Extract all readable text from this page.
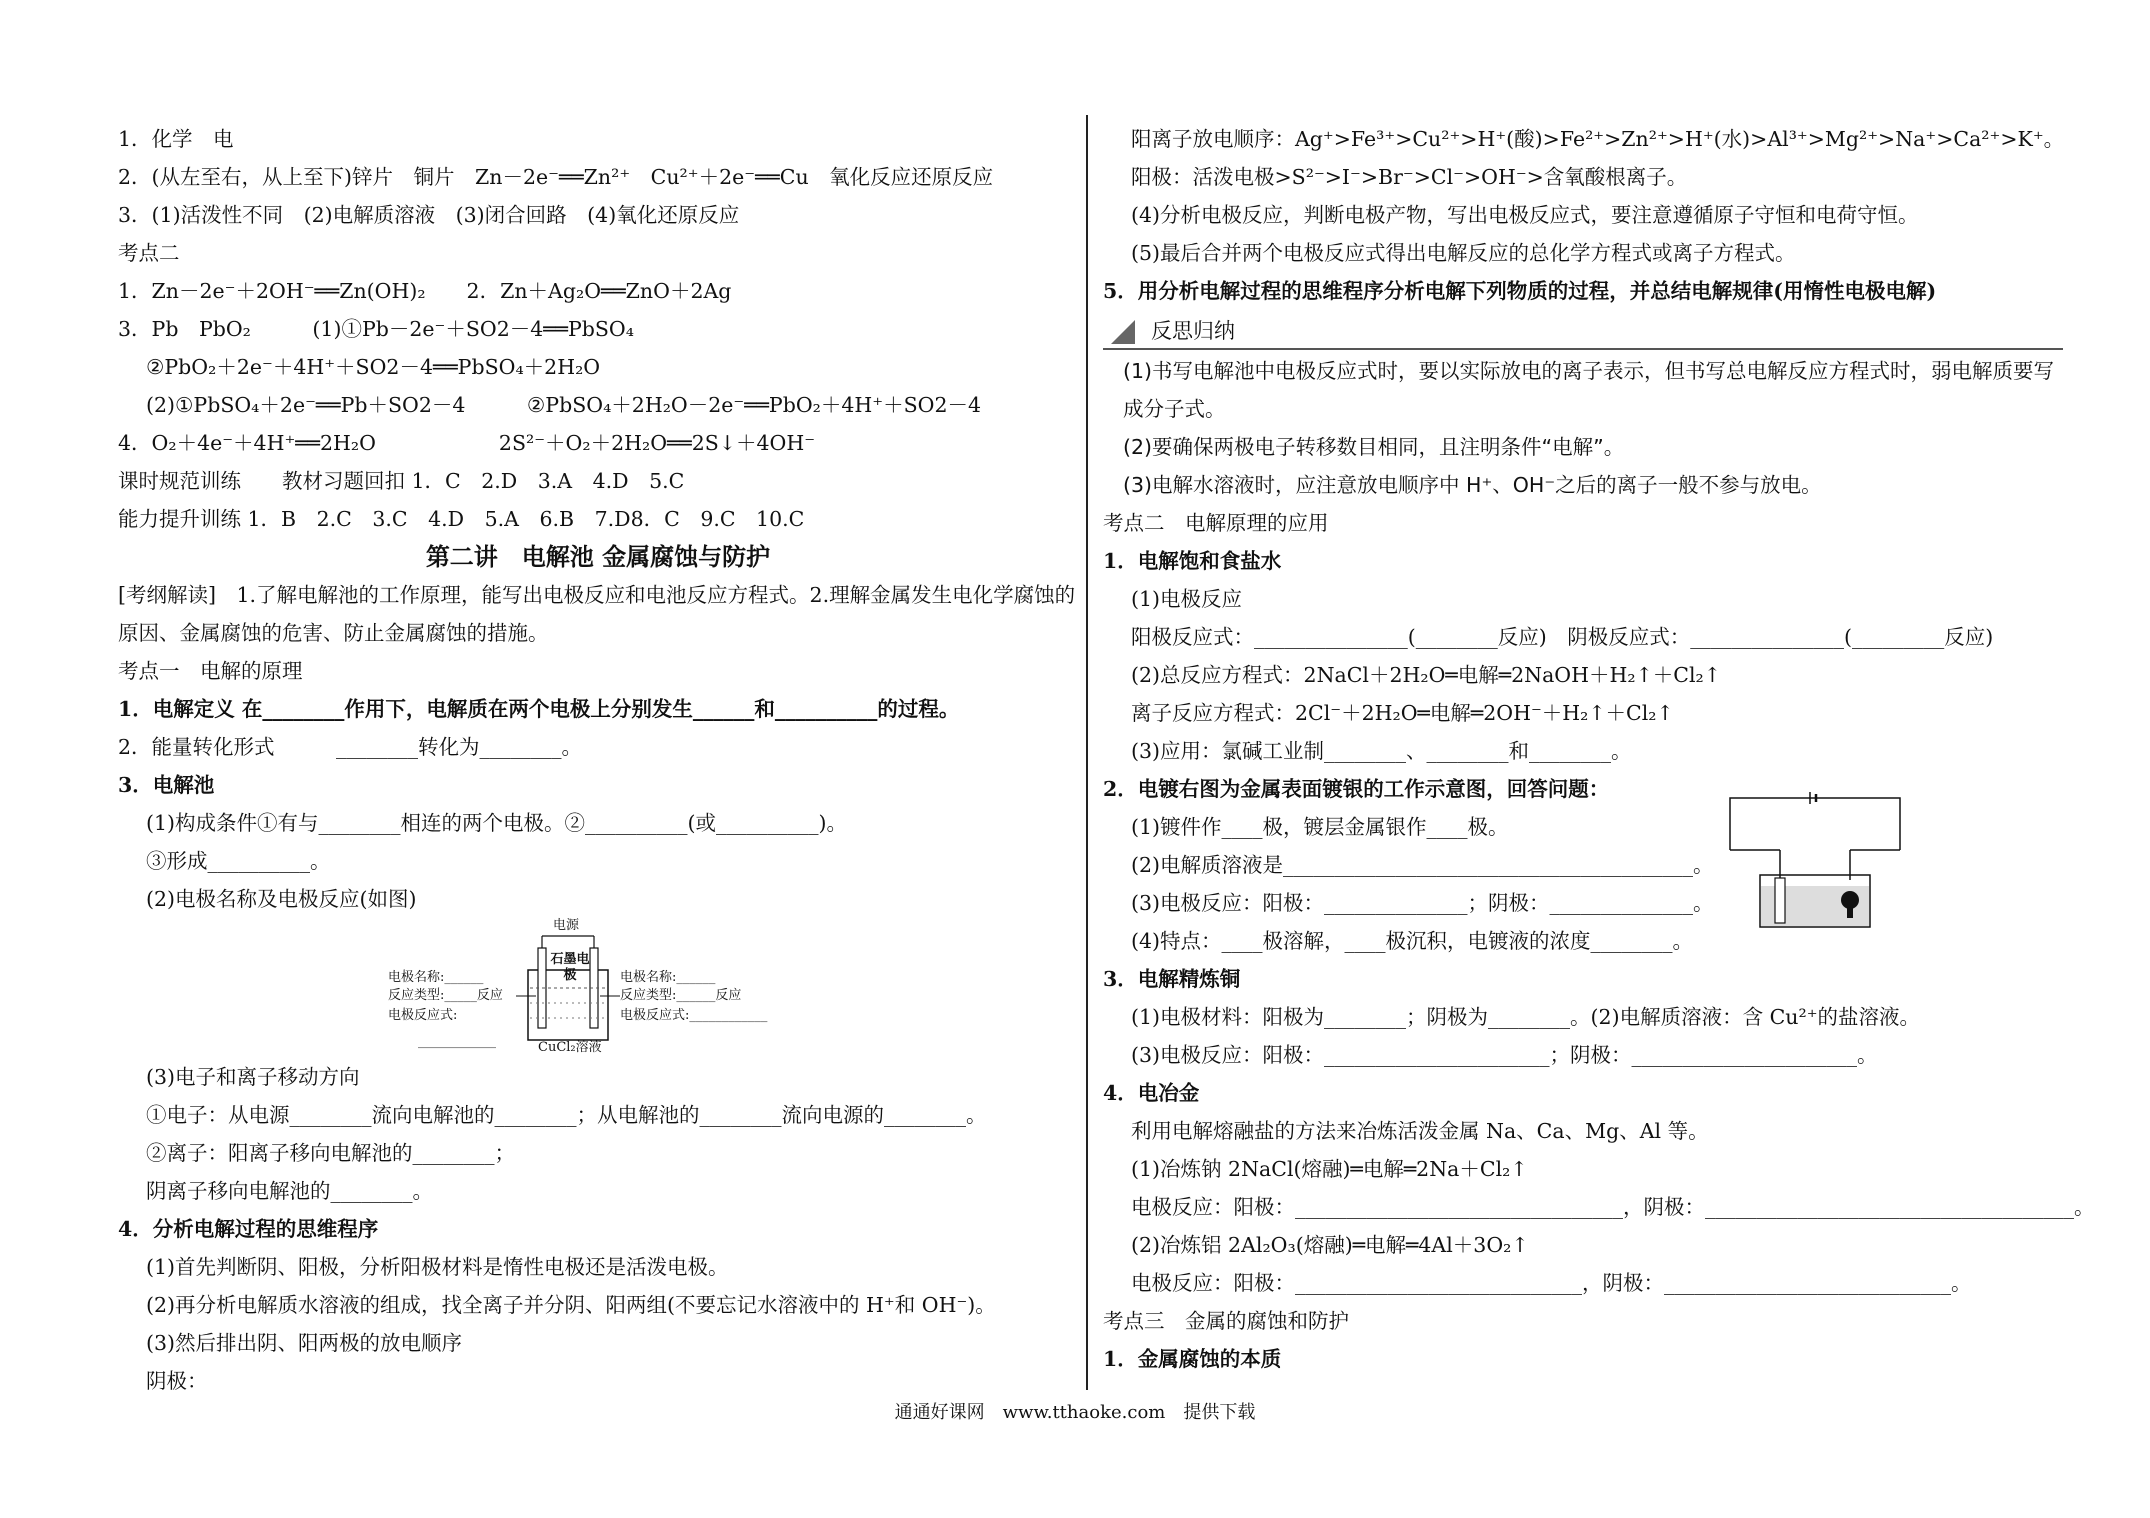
1．化学　电
2．(从左至右，从上至下)锌片　铜片　Zn－2e⁻══Zn²⁺　Cu²⁺＋2e⁻══Cu　氧化反应还原反应
3．(1)活泼性不同　(2)电解质溶液　(3)闭合回路　(4)氧化还原反应
考点二
1．Zn－2e⁻＋2OH⁻══Zn(OH)₂　　2．Zn＋Ag₂O══ZnO＋2Ag
3．Pb　PbO₂　　　(1)①Pb－2e⁻＋SO2－4══PbSO₄
②PbO₂＋2e⁻＋4H⁺＋SO2－4══PbSO₄＋2H₂O
(2)①PbSO₄＋2e⁻══Pb＋SO2－4　　　②PbSO₄＋2H₂O－2e⁻══PbO₂＋4H⁺＋SO2－4
4．O₂＋4e⁻＋4H⁺══2H₂O　　　　　　2S²⁻＋O₂＋2H₂O══2S↓＋4OH⁻
课时规范训练　　教材习题回扣 1．C　2.D　3.A　4.D　5.C
能力提升训练 1．B　2.C　3.C　4.D　5.A　6.B　7.D8．C　9.C　10.C
第二讲　电解池 金属腐蚀与防护
[考纲解读]　1.了解电解池的工作原理，能写出电极反应和电池反应方程式。2.理解金属发生电化学腐蚀的原因、金属腐蚀的危害、防止金属腐蚀的措施。
考点一　电解的原理
1．电解定义 在________作用下，电解质在两个电极上分别发生______和__________的过程。
2．能量转化形式　　　________转化为________。
3．电解池
(1)构成条件①有与________相连的两个电极。②__________(或__________)。
③形成__________。
(2)电极名称及电极反应(如图)
电源
石墨电极
电极名称:______
反应类型:_____反应
电极反应式:
____________
电极名称:______
反应类型:______反应
电极反应式:____________
CuCl₂溶液
(3)电子和离子移动方向
①电子：从电源________流向电解池的________；从电解池的________流向电源的________。
②离子：阳离子移向电解池的________；
阴离子移向电解池的________。
4．分析电解过程的思维程序
(1)首先判断阴、阳极，分析阳极材料是惰性电极还是活泼电极。
(2)再分析电解质水溶液的组成，找全离子并分阴、阳两组(不要忘记水溶液中的 H⁺和 OH⁻)。
(3)然后排出阴、阳两极的放电顺序
阴极：
阳离子放电顺序：Ag⁺>Fe³⁺>Cu²⁺>H⁺(酸)>Fe²⁺>Zn²⁺>H⁺(水)>Al³⁺>Mg²⁺>Na⁺>Ca²⁺>K⁺。
阳极：活泼电极>S²⁻>I⁻>Br⁻>Cl⁻>OH⁻>含氧酸根离子。
(4)分析电极反应，判断电极产物，写出电极反应式，要注意遵循原子守恒和电荷守恒。
(5)最后合并两个电极反应式得出电解反应的总化学方程式或离子方程式。
5．用分析电解过程的思维程序分析电解下列物质的过程，并总结电解规律(用惰性电极电解)
反思归纳
(1)书写电解池中电极反应式时，要以实际放电的离子表示，但书写总电解反应方程式时，弱电解质要写成分子式。
(2)要确保两极电子转移数目相同，且注明条件“电解”。
(3)电解水溶液时，应注意放电顺序中 H⁺、OH⁻之后的离子一般不参与放电。
考点二　电解原理的应用
1．电解饱和食盐水
(1)电极反应
阳极反应式：_______________(________反应)　阴极反应式：_______________(_________反应)
(2)总反应方程式：2NaCl＋2H₂O═电解═2NaOH＋H₂↑＋Cl₂↑
离子反应方程式：2Cl⁻＋2H₂O═电解═2OH⁻＋H₂↑＋Cl₂↑
(3)应用：氯碱工业制________、________和________。
2．电镀右图为金属表面镀银的工作示意图，回答问题：
(1)镀件作____极，镀层金属银作____极。
(2)电解质溶液是________________________________________。
(3)电极反应：阳极：______________；阴极：______________。
(4)特点：____极溶解，____极沉积，电镀液的浓度________。
3．电解精炼铜
(1)电极材料：阳极为________；阴极为________。(2)电解质溶液：含 Cu²⁺的盐溶液。
(3)电极反应：阳极：______________________；阴极：______________________。
4．电冶金
利用电解熔融盐的方法来冶炼活泼金属 Na、Ca、Mg、Al 等。
(1)冶炼钠 2NaCl(熔融)═电解═2Na＋Cl₂↑
电极反应：阳极：________________________________，阴极：____________________________________。
(2)冶炼铝 2Al₂O₃(熔融)═电解═4Al＋3O₂↑
电极反应：阳极：____________________________，阴极：____________________________。
考点三　金属的腐蚀和防护
1．金属腐蚀的本质
通通好课网　www.tthaoke.com　提供下载
